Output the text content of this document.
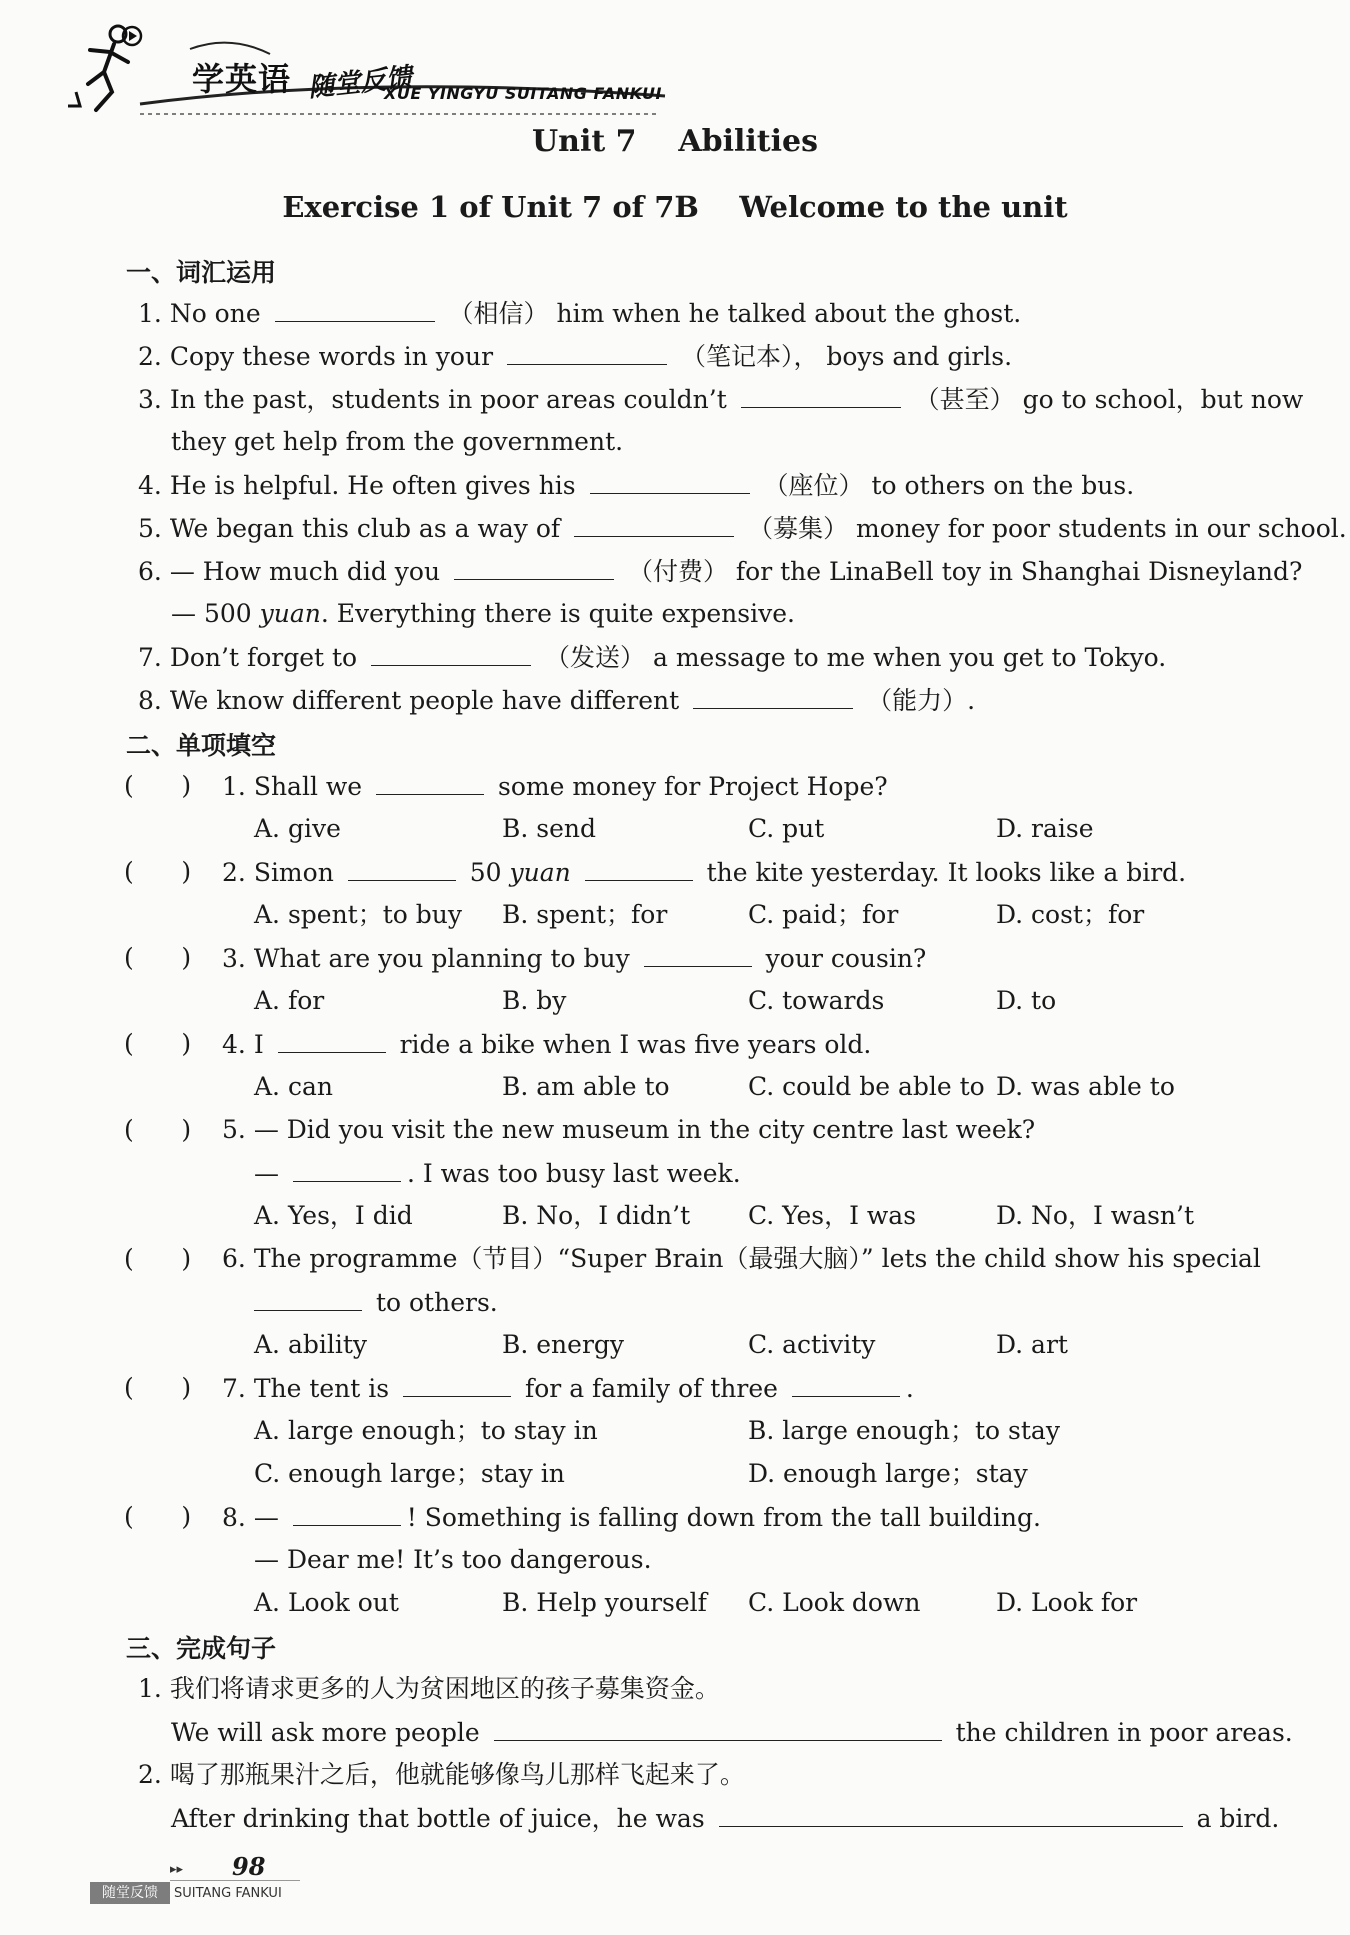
学英语 随堂反馈
XUE YINGYU SUITANG FANKUI
Unit 7    Abilities
Exercise 1 of Unit 7 of 7B    Welcome to the unit
一、词汇运用
1. No one	（相信） him when he talked about the ghost.
2. Copy these words in your	（笔记本）， boys and girls.
3. In the past，students in poor areas couldn’t	（甚至） go to school，but now
they get help from the government.
4. He is helpful. He often gives his	（座位） to others on the bus.
5. We began this club as a way of	（募集） money for poor students in our school.
6. — How much did you	（付费） for the LinaBell toy in Shanghai Disneyland?
— 500 yuan. Everything there is quite expensive.
7. Don’t forget to	（发送） a message to me when you get to Tokyo.
8. We know different people have different	（能力）.
二、单项填空
(      ) 1. Shall we	some money for Project Hope?
A. give	B. send	C. put	D. raise
(      ) 2. Simon	50 yuan	the kite yesterday. It looks like a bird.
A. spent；to buy B. spent；for	C. paid；for	D. cost；for
(      ) 3. What are you planning to buy	your cousin?
A. for	B. by	C. towards	D. to
(      ) 4. I	ride a bike when I was five years old.
A. can	B. am able to	C. could be able to D. was able to
(      ) 5. — Did you visit the new museum in the city centre last week?
—	. I was too busy last week.
A. Yes，I did	B. No，I didn’t C. Yes，I was	D. No，I wasn’t
(      ) 6. The programme（节目）“Super Brain（最强大脑）” lets the child show his special
to others.
A. ability	B. energy	C. activity	D. art
(      ) 7. The tent is	for a family of three	.
A. large enough；to stay in	B. large enough；to stay
C. enough large；stay in	D. enough large；stay
(      ) 8. —	! Something is falling down from the tall building.
— Dear me! It’s too dangerous.
A. Look out	B. Help yourself C. Look down	D. Look for
三、完成句子
1. 我们将请求更多的人为贫困地区的孩子募集资金。
We will ask more people	the children in poor areas.
2. 喝了那瓶果汁之后，他就能够像鸟儿那样飞起来了。
After drinking that bottle of juice，he was	a bird.
▸▸ 98
随堂反馈	SUITANG FANKUI
